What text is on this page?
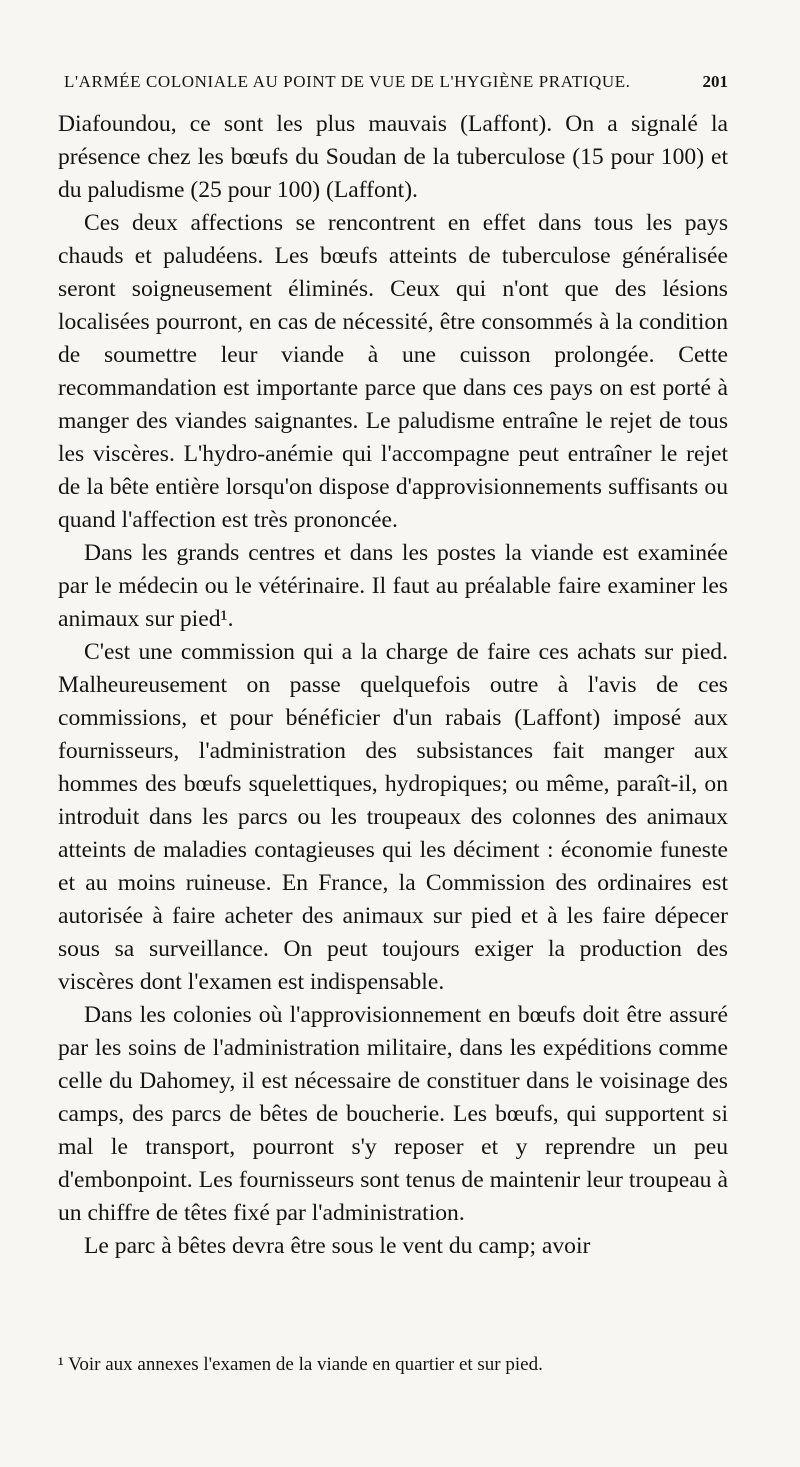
L'ARMÉE COLONIALE AU POINT DE VUE DE L'HYGIÈNE PRATIQUE.	201

Diafoundou, ce sont les plus mauvais (Laffont). On a signalé la présence chez les bœufs du Soudan de la tuberculose (15 pour 100) et du paludisme (25 pour 100) (Laffont).

Ces deux affections se rencontrent en effet dans tous les pays chauds et paludéens. Les bœufs atteints de tuberculose généralisée seront soigneusement éliminés. Ceux qui n'ont que des lésions localisées pourront, en cas de nécessité, être consommés à la condition de soumettre leur viande à une cuisson prolongée. Cette recommandation est importante parce que dans ces pays on est porté à manger des viandes saignantes. Le paludisme entraîne le rejet de tous les viscères. L'hydro-anémie qui l'accompagne peut entraîner le rejet de la bête entière lorsqu'on dispose d'approvisionnements suffisants ou quand l'affection est très prononcée.

Dans les grands centres et dans les postes la viande est examinée par le médecin ou le vétérinaire. Il faut au préalable faire examiner les animaux sur pied¹.

C'est une commission qui a la charge de faire ces achats sur pied. Malheureusement on passe quelquefois outre à l'avis de ces commissions, et pour bénéficier d'un rabais (Laffont) imposé aux fournisseurs, l'administration des subsistances fait manger aux hommes des bœufs squelettiques, hydropiques; ou même, paraît-il, on introduit dans les parcs ou les troupeaux des colonnes des animaux atteints de maladies contagieuses qui les déciment : économie funeste et au moins ruineuse. En France, la Commission des ordinaires est autorisée à faire acheter des animaux sur pied et à les faire dépecer sous sa surveillance. On peut toujours exiger la production des viscères dont l'examen est indispensable.

Dans les colonies où l'approvisionnement en bœufs doit être assuré par les soins de l'administration militaire, dans les expéditions comme celle du Dahomey, il est nécessaire de constituer dans le voisinage des camps, des parcs de bêtes de boucherie. Les bœufs, qui supportent si mal le transport, pourront s'y reposer et y reprendre un peu d'embonpoint. Les fournisseurs sont tenus de maintenir leur troupeau à un chiffre de têtes fixé par l'administration.

Le parc à bêtes devra être sous le vent du camp; avoir

¹ Voir aux annexes l'examen de la viande en quartier et sur pied.
